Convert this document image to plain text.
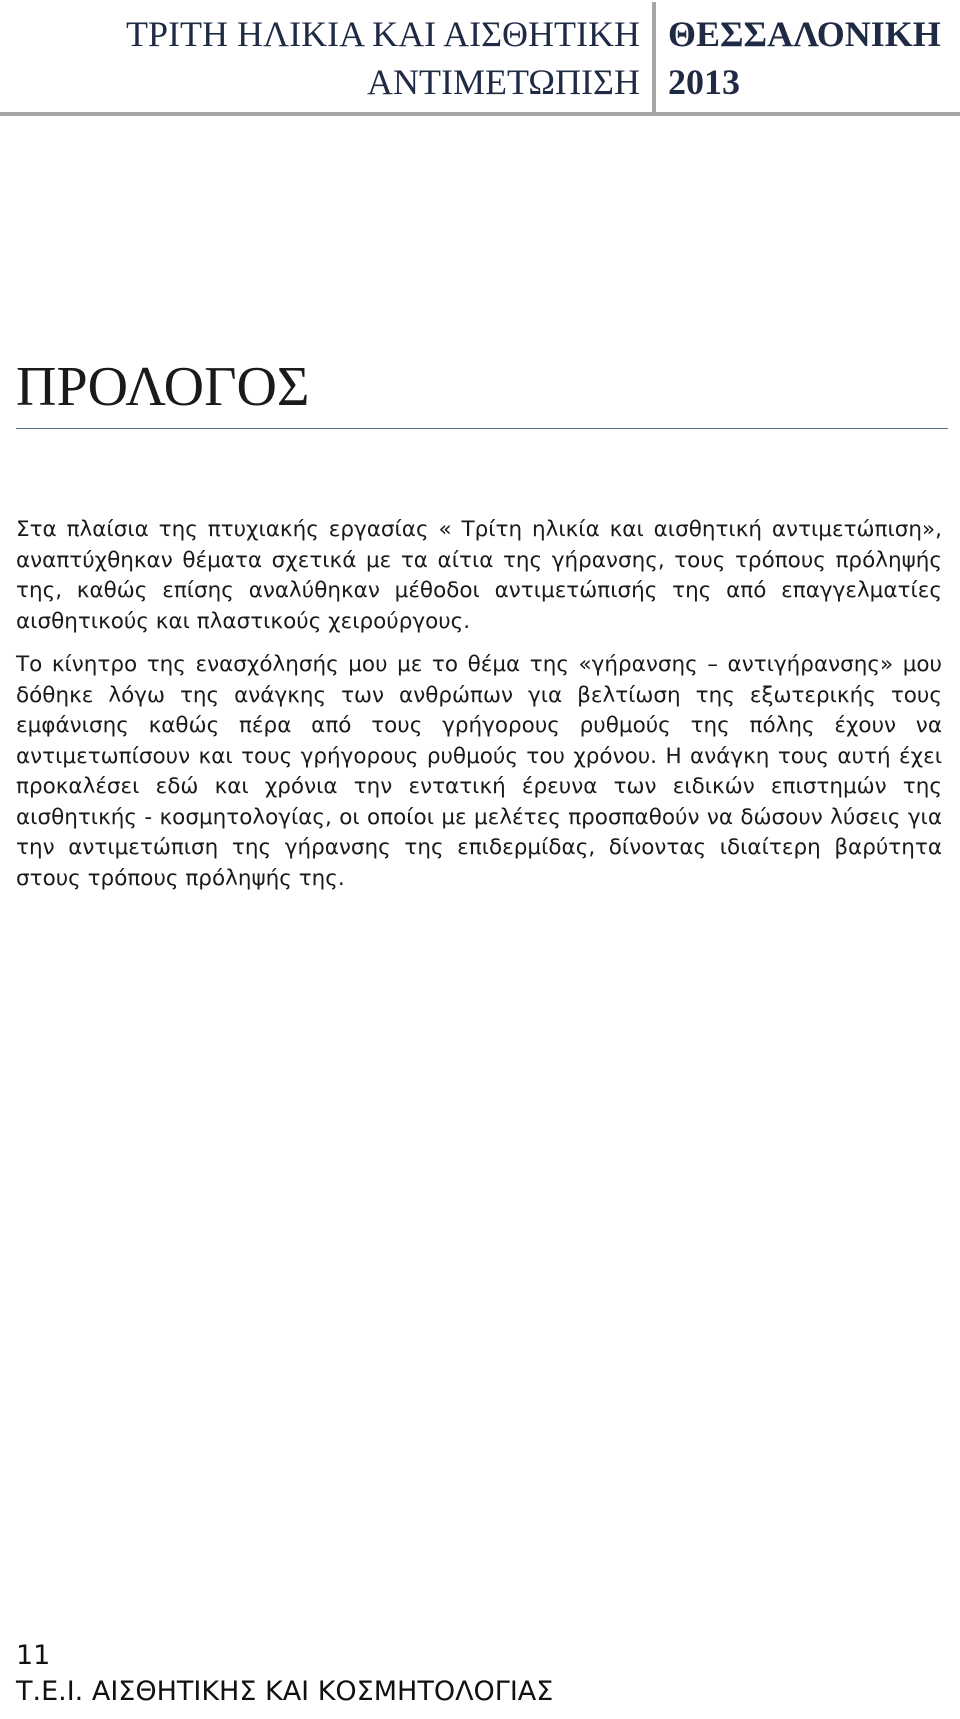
ΤΡΙΤΗ ΗΛΙΚΙΑ ΚΑΙ ΑΙΣΘΗΤΙΚΗ
ΑΝΤΙΜΕΤΩΠΙΣΗ
ΘΕΣΣΑΛΟΝΙΚΗ
2013
ΠΡΟΛΟΓΟΣ

Στα πλαίσια της πτυχιακής εργασίας « Τρίτη ηλικία και αισθητική αντιμετώπιση», αναπτύχθηκαν θέματα σχετικά με τα αίτια της γήρανσης, τους τρόπους πρόληψής της, καθώς επίσης αναλύθηκαν μέθοδοι αντιμετώπισής της από επαγγελματίες αισθητικούς και πλαστικούς χειρούργους.

Το κίνητρο της ενασχόλησής μου με το θέμα της «γήρανσης – αντιγήρανσης» μου δόθηκε λόγω της ανάγκης των ανθρώπων για βελτίωση της εξωτερικής τους εμφάνισης καθώς πέρα από τους γρήγορους ρυθμούς της πόλης έχουν να αντιμετωπίσουν και τους γρήγορους ρυθμούς του χρόνου. Η ανάγκη τους αυτή έχει προκαλέσει εδώ και χρόνια την εντατική έρευνα των ειδικών επιστημών της αισθητικής - κοσμητολογίας, οι οποίοι με μελέτες προσπαθούν να δώσουν λύσεις για την αντιμετώπιση της γήρανσης της επιδερμίδας, δίνοντας ιδιαίτερη βαρύτητα στους τρόπους πρόληψής της.

11
Τ.Ε.Ι. ΑΙΣΘΗΤΙΚΗΣ ΚΑΙ ΚΟΣΜΗΤΟΛΟΓΙΑΣ
